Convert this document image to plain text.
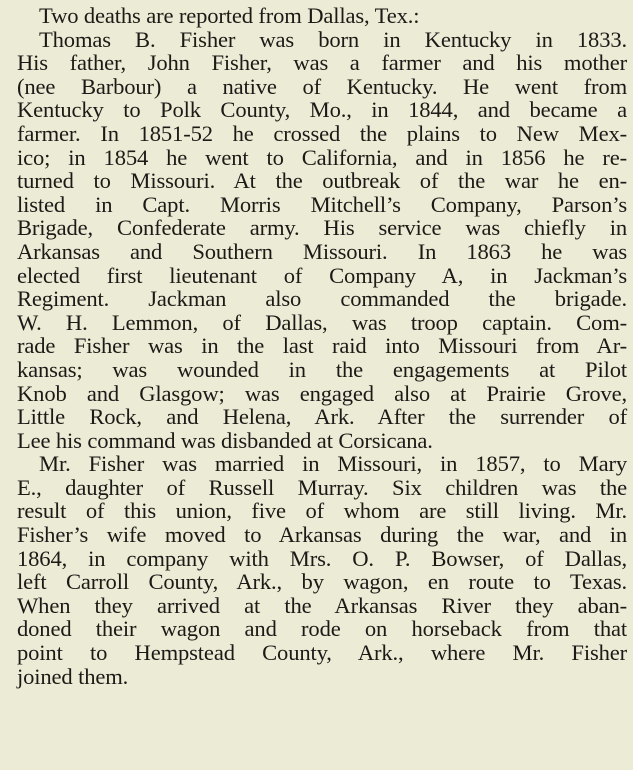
Two deaths are reported from Dallas, Tex.:
Thomas B. Fisher was born in Kentucky in 1833.
His father, John Fisher, was a farmer and his mother
(nee Barbour) a native of Kentucky. He went from
Kentucky to Polk County, Mo., in 1844, and became a
farmer. In 1851-52 he crossed the plains to New Mex-
ico; in 1854 he went to California, and in 1856 he re-
turned to Missouri. At the outbreak of the war he en-
listed in Capt. Morris Mitchell’s Company, Parson’s
Brigade, Confederate army. His service was chiefly in
Arkansas and Southern Missouri. In 1863 he was
elected first lieutenant of Company A, in Jackman’s
Regiment. Jackman also commanded the brigade.
W. H. Lemmon, of Dallas, was troop captain. Com-
rade Fisher was in the last raid into Missouri from Ar-
kansas; was wounded in the engagements at Pilot
Knob and Glasgow; was engaged also at Prairie Grove,
Little Rock, and Helena, Ark. After the surrender of
Lee his command was disbanded at Corsicana.
Mr. Fisher was married in Missouri, in 1857, to Mary
E., daughter of Russell Murray. Six children was the
result of this union, five of whom are still living. Mr.
Fisher’s wife moved to Arkansas during the war, and in
1864, in company with Mrs. O. P. Bowser, of Dallas,
left Carroll County, Ark., by wagon, en route to Texas.
When they arrived at the Arkansas River they aban-
doned their wagon and rode on horseback from that
point to Hempstead County, Ark., where Mr. Fisher
joined them.
